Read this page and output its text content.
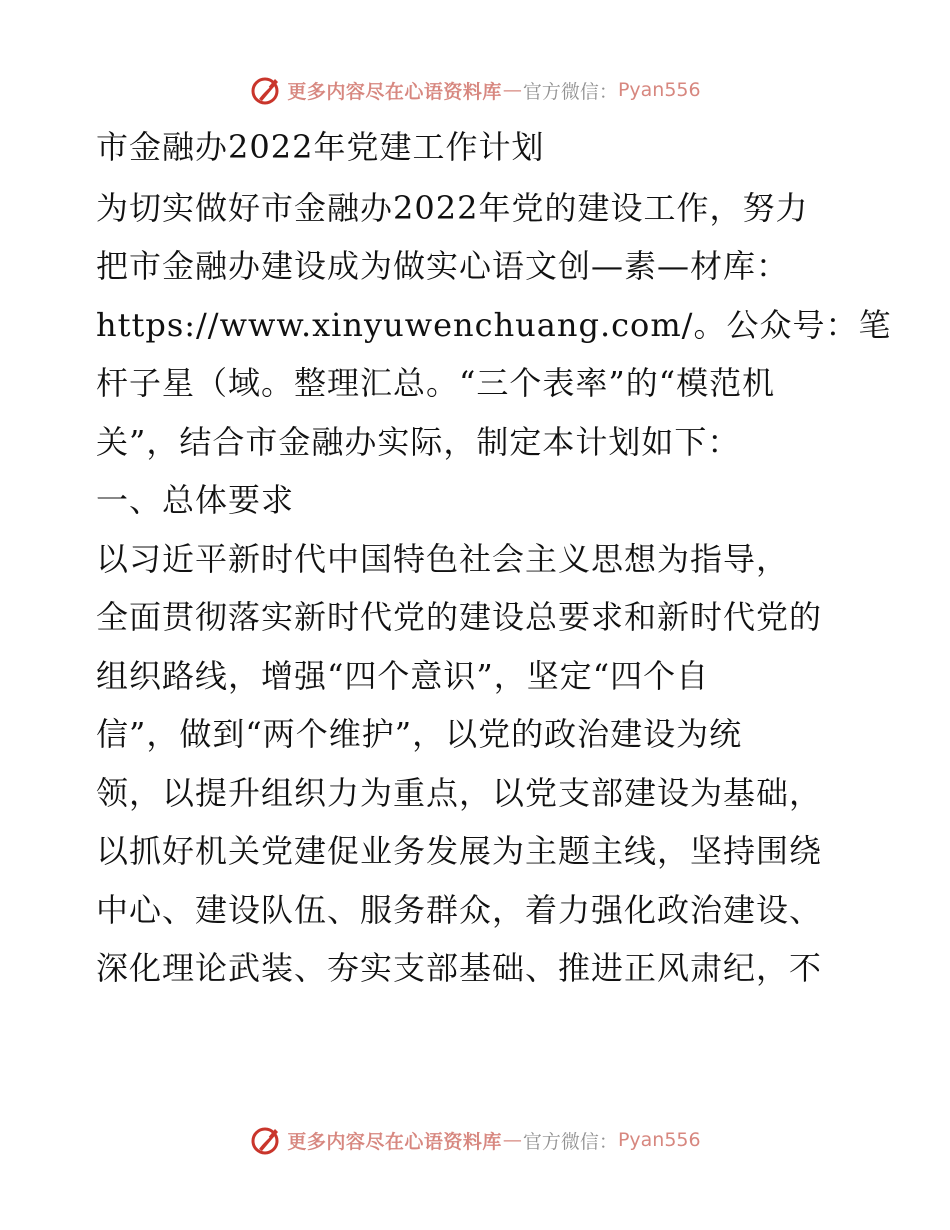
更多内容尽在心语资料库 — 官方微信： Pyan556
市金融办2022年党建工作计划
为切实做好市金融办2022年党的建设工作，努力
把市金融办建设成为做实心语文创—素—材库：
https://www.xinyuwenchuang.com/。公众号：笔
杆子星（域。整理汇总。“三个表率”的“模范机
关”，结合市金融办实际，制定本计划如下：
一、总体要求
以习近平新时代中国特色社会主义思想为指导，
全面贯彻落实新时代党的建设总要求和新时代党的
组织路线，增强“四个意识”，坚定“四个自
信”，做到“两个维护”，以党的政治建设为统
领，以提升组织力为重点，以党支部建设为基础，
以抓好机关党建促业务发展为主题主线，坚持围绕
中心、建设队伍、服务群众，着力强化政治建设、
深化理论武装、夯实支部基础、推进正风肃纪，不
更多内容尽在心语资料库 — 官方微信： Pyan556
